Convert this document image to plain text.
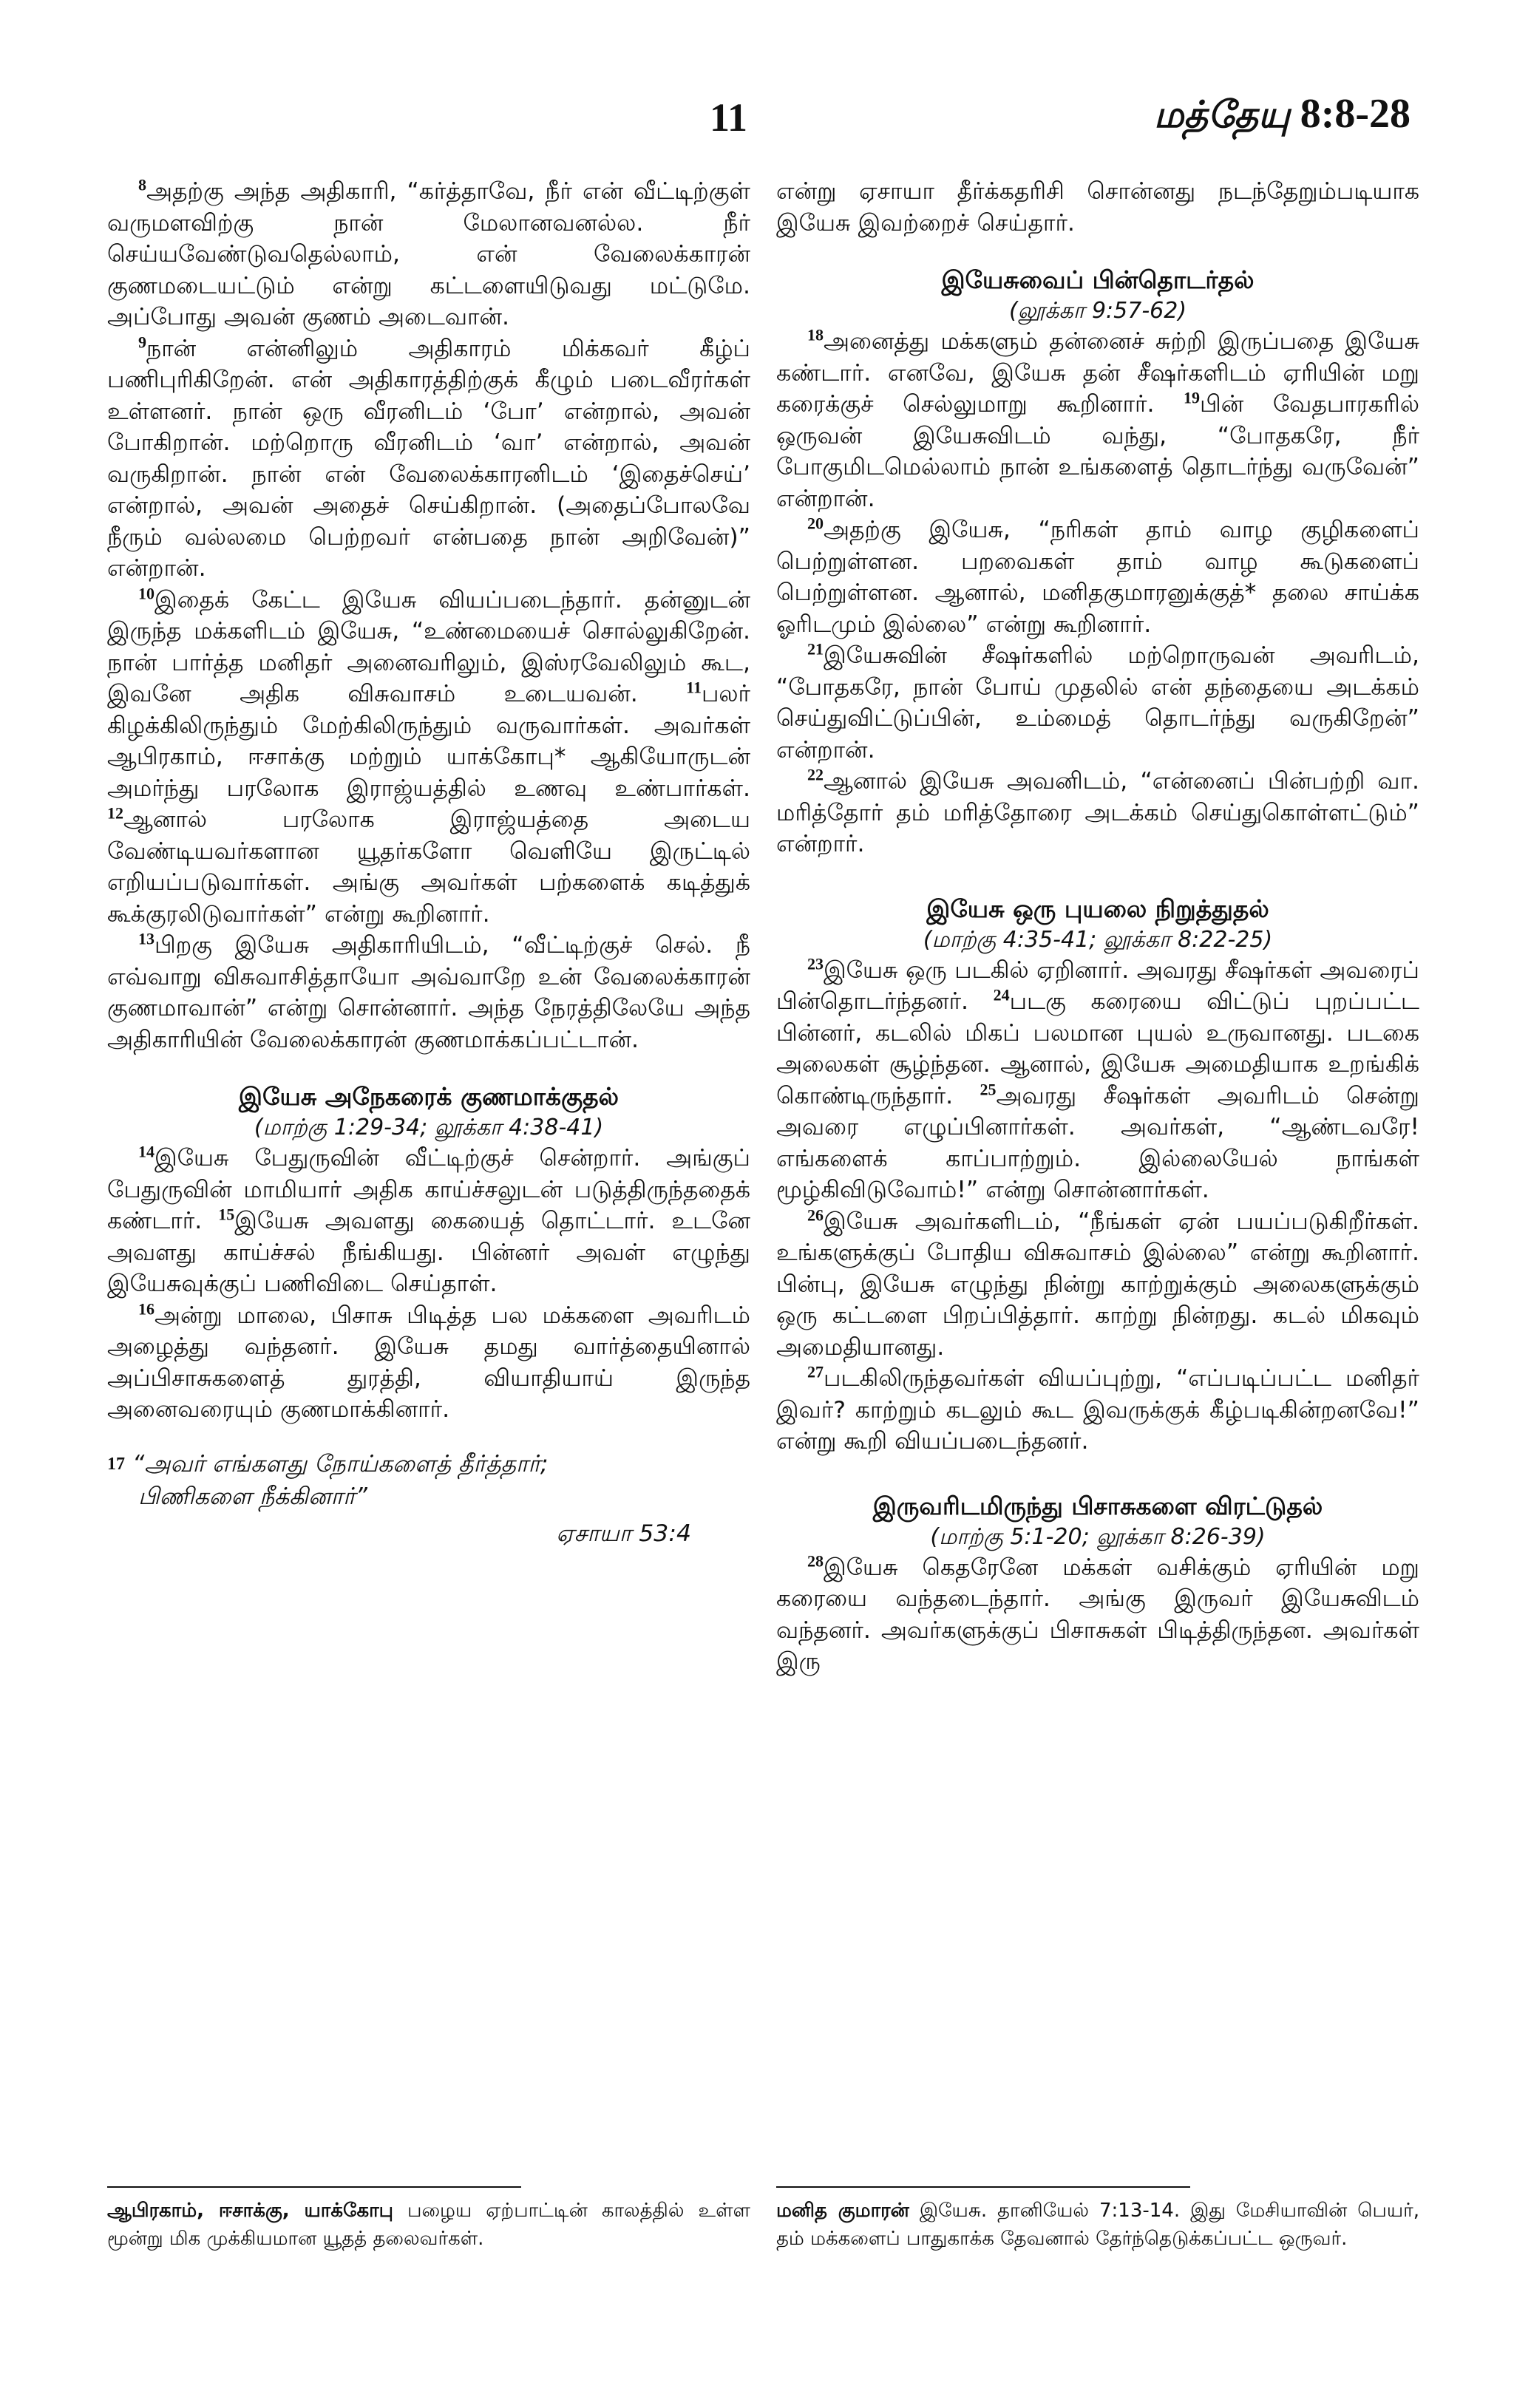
11	மத்தேயு 8:8-28

$^8$அதற்கு அந்த அதிகாரி, “கர்த்தாவே, நீர் என் வீட்டிற்குள் வருமளவிற்கு நான் மேலானவனல்ல. நீர் செய்யவேண்டுவதெல்லாம், என் வேலைக்காரன் குணமடையட்டும் என்று கட்டளையிடுவது மட்டுமே. அப்போது அவன் குணம் அடைவான்.

$^9$நான் என்னிலும் அதிகாரம் மிக்கவர் கீழ்ப் பணிபுரிகிறேன். என் அதிகாரத்திற்குக் கீழும் படைவீரர்கள் உள்ளனர். நான் ஒரு வீரனிடம் ‘போ’ என்றால், அவன் போகிறான். மற்றொரு வீரனிடம் ‘வா’ என்றால், அவன் வருகிறான். நான் என் வேலைக்காரனிடம் ‘இதைச்செய்’ என்றால், அவன் அதைச் செய்கிறான். (அதைப்போலவே நீரும் வல்லமை பெற்றவர் என்பதை நான் அறிவேன்)” என்றான்.

$^{10}$இதைக் கேட்ட இயேசு வியப்படைந்தார். தன்னுடன் இருந்த மக்களிடம் இயேசு, “உண்மையைச் சொல்லுகிறேன். நான் பார்த்த மனிதர் அனைவரிலும், இஸ்ரவேலிலும் கூட, இவனே அதிக விசுவாசம் உடையவன்.	$^{11}$பலர் கிழக்கிலிருந்தும் மேற்கிலிருந்தும் வருவார்கள். அவர்கள் ஆபிரகாம், ஈசாக்கு மற்றும் யாக்கோபு* ஆகியோருடன் அமர்ந்து பரலோக இராஜ்யத்தில் உணவு உண்பார்கள். $^{12}$ஆனால் பரலோக இராஜ்யத்தை அடைய வேண்டியவர்களான யூதர்களோ வெளியே இருட்டில் எறியப்படுவார்கள். அங்கு அவர்கள் பற்களைக் கடித்துக் கூக்குரலிடுவார்கள்” என்று கூறினார்.

$^{13}$பிறகு இயேசு அதிகாரியிடம், “வீட்டிற்குச் செல். நீ எவ்வாறு விசுவாசித்தாயோ அவ்வாறே உன் வேலைக்காரன் குணமாவான்” என்று சொன்னார். அந்த நேரத்திலேயே அந்த அதிகாரியின் வேலைக்காரன் குணமாக்கப்பட்டான்.

இயேசு அநேகரைக் குணமாக்குதல்
(மாற்கு 1:29-34; லூக்கா 4:38-41)

$^{14}$இயேசு பேதுருவின் வீட்டிற்குச் சென்றார். அங்குப் பேதுருவின் மாமியார் அதிக காய்ச்சலுடன் படுத்திருந்ததைக் கண்டார். $^{15}$இயேசு அவளது கையைத் தொட்டார். உடனே அவளது காய்ச்சல் நீங்கியது. பின்னர் அவள் எழுந்து இயேசுவுக்குப் பணிவிடை செய்தாள்.

$^{16}$அன்று மாலை, பிசாசு பிடித்த பல மக்களை அவரிடம் அழைத்து வந்தனர். இயேசு தமது வார்த்தையினால் அப்பிசாசுகளைத் துரத்தி, வியாதியாய் இருந்த அனைவரையும் குணமாக்கினார்.

$^{17}$ “அவர் எங்களது நோய்களைத் தீர்த்தார்;
பிணிகளை நீக்கினார்”
ஏசாயா 53:4

என்று ஏசாயா தீர்க்கதரிசி சொன்னது நடந்தேறும்படியாக இயேசு இவற்றைச் செய்தார்.

இயேசுவைப் பின்தொடர்தல்
(லூக்கா 9:57-62)

$^{18}$அனைத்து மக்களும் தன்னைச் சுற்றி இருப்பதை இயேசு கண்டார். எனவே, இயேசு தன் சீஷர்களிடம் ஏரியின் மறு கரைக்குச் செல்லுமாறு கூறினார். $^{19}$பின் வேதபாரகரில் ஒருவன் இயேசுவிடம் வந்து, “போதகரே, நீர் போகுமிடமெல்லாம் நான் உங்களைத் தொடர்ந்து வருவேன்” என்றான்.

$^{20}$அதற்கு இயேசு, “நரிகள் தாம் வாழ குழிகளைப் பெற்றுள்ளன. பறவைகள் தாம் வாழ கூடுகளைப் பெற்றுள்ளன. ஆனால், மனிதகுமாரனுக்குத்* தலை சாய்க்க ஓரிடமும் இல்லை” என்று கூறினார்.

$^{21}$இயேசுவின் சீஷர்களில் மற்றொருவன் அவரிடம், “போதகரே, நான் போய் முதலில் என் தந்தையை அடக்கம் செய்துவிட்டுப்பின், உம்மைத் தொடர்ந்து வருகிறேன்” என்றான்.

$^{22}$ஆனால் இயேசு அவனிடம், “என்னைப் பின்பற்றி வா. மரித்தோர் தம் மரித்தோரை அடக்கம் செய்துகொள்ளட்டும்” என்றார்.

இயேசு ஒரு புயலை நிறுத்துதல்
(மாற்கு 4:35-41; லூக்கா 8:22-25)

$^{23}$இயேசு ஒரு படகில் ஏறினார். அவரது சீஷர்கள் அவரைப் பின்தொடர்ந்தனர். $^{24}$படகு கரையை விட்டுப் புறப்பட்ட பின்னர், கடலில் மிகப் பலமான புயல் உருவானது. படகை அலைகள் சூழ்ந்தன. ஆனால், இயேசு அமைதியாக உறங்கிக் கொண்டிருந்தார். $^{25}$அவரது சீஷர்கள் அவரிடம் சென்று அவரை எழுப்பினார்கள். அவர்கள், “ஆண்டவரே! எங்களைக் காப்பாற்றும். இல்லையேல் நாங்கள் மூழ்கிவிடுவோம்!” என்று சொன்னார்கள்.

$^{26}$இயேசு அவர்களிடம், “நீங்கள் ஏன் பயப்படுகிறீர்கள். உங்களுக்குப் போதிய விசுவாசம் இல்லை” என்று கூறினார். பின்பு, இயேசு எழுந்து நின்று காற்றுக்கும் அலைகளுக்கும் ஒரு கட்டளை பிறப்பித்தார். காற்று நின்றது. கடல் மிகவும் அமைதியானது.

$^{27}$படகிலிருந்தவர்கள் வியப்புற்று, “எப்படிப்பட்ட மனிதர் இவர்? காற்றும் கடலும் கூட இவருக்குக் கீழ்படிகின்றனவே!” என்று கூறி வியப்படைந்தனர்.

இருவரிடமிருந்து பிசாசுகளை விரட்டுதல்
(மாற்கு 5:1-20; லூக்கா 8:26-39)

$^{28}$இயேசு கெதரேனே மக்கள் வசிக்கும் ஏரியின் மறு கரையை வந்தடைந்தார். அங்கு இருவர் இயேசுவிடம் வந்தனர். அவர்களுக்குப் பிசாசுகள் பிடித்திருந்தன. அவர்கள் இரு

ஆபிரகாம், ஈசாக்கு, யாக்கோபு பழைய ஏற்பாட்டின் காலத்தில் உள்ள மூன்று மிக முக்கியமான யூதத் தலைவர்கள்.
மனித குமாரன் இயேசு. தானியேல் 7:13-14. இது மேசியாவின் பெயர், தம் மக்களைப் பாதுகாக்க தேவனால் தேர்ந்தெடுக்கப்பட்ட ஒருவர்.
